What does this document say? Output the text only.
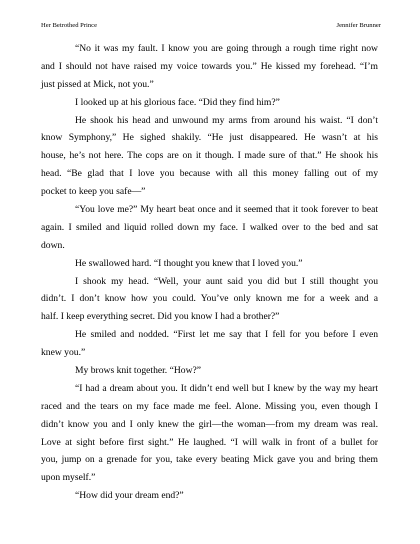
Her Betrothed Prince	Jennifer Brunner
“No it was my fault. I know you are going through a rough time right now
and I should not have raised my voice towards you.” He kissed my forehead. “I’m
just pissed at Mick, not you.”
I looked up at his glorious face. “Did they find him?”
He shook his head and unwound my arms from around his waist. “I don’t
know Symphony,” He sighed shakily. “He just disappeared. He wasn’t at his
house, he’s not here. The cops are on it though. I made sure of that.” He shook his
head. “Be glad that I love you because with all this money falling out of my
pocket to keep you safe—”
“You love me?” My heart beat once and it seemed that it took forever to beat
again. I smiled and liquid rolled down my face. I walked over to the bed and sat
down.
He swallowed hard. “I thought you knew that I loved you.”
I shook my head. “Well, your aunt said you did but I still thought you
didn’t. I don’t know how you could. You’ve only known me for a week and a
half. I keep everything secret. Did you know I had a brother?”
He smiled and nodded. “First let me say that I fell for you before I even
knew you.”
My brows knit together. “How?”
“I had a dream about you. It didn’t end well but I knew by the way my heart
raced and the tears on my face made me feel. Alone. Missing you, even though I
didn’t know you and I only knew the girl—the woman—from my dream was real.
Love at sight before first sight.” He laughed. “I will walk in front of a bullet for
you, jump on a grenade for you, take every beating Mick gave you and bring them
upon myself.”
“How did your dream end?”
